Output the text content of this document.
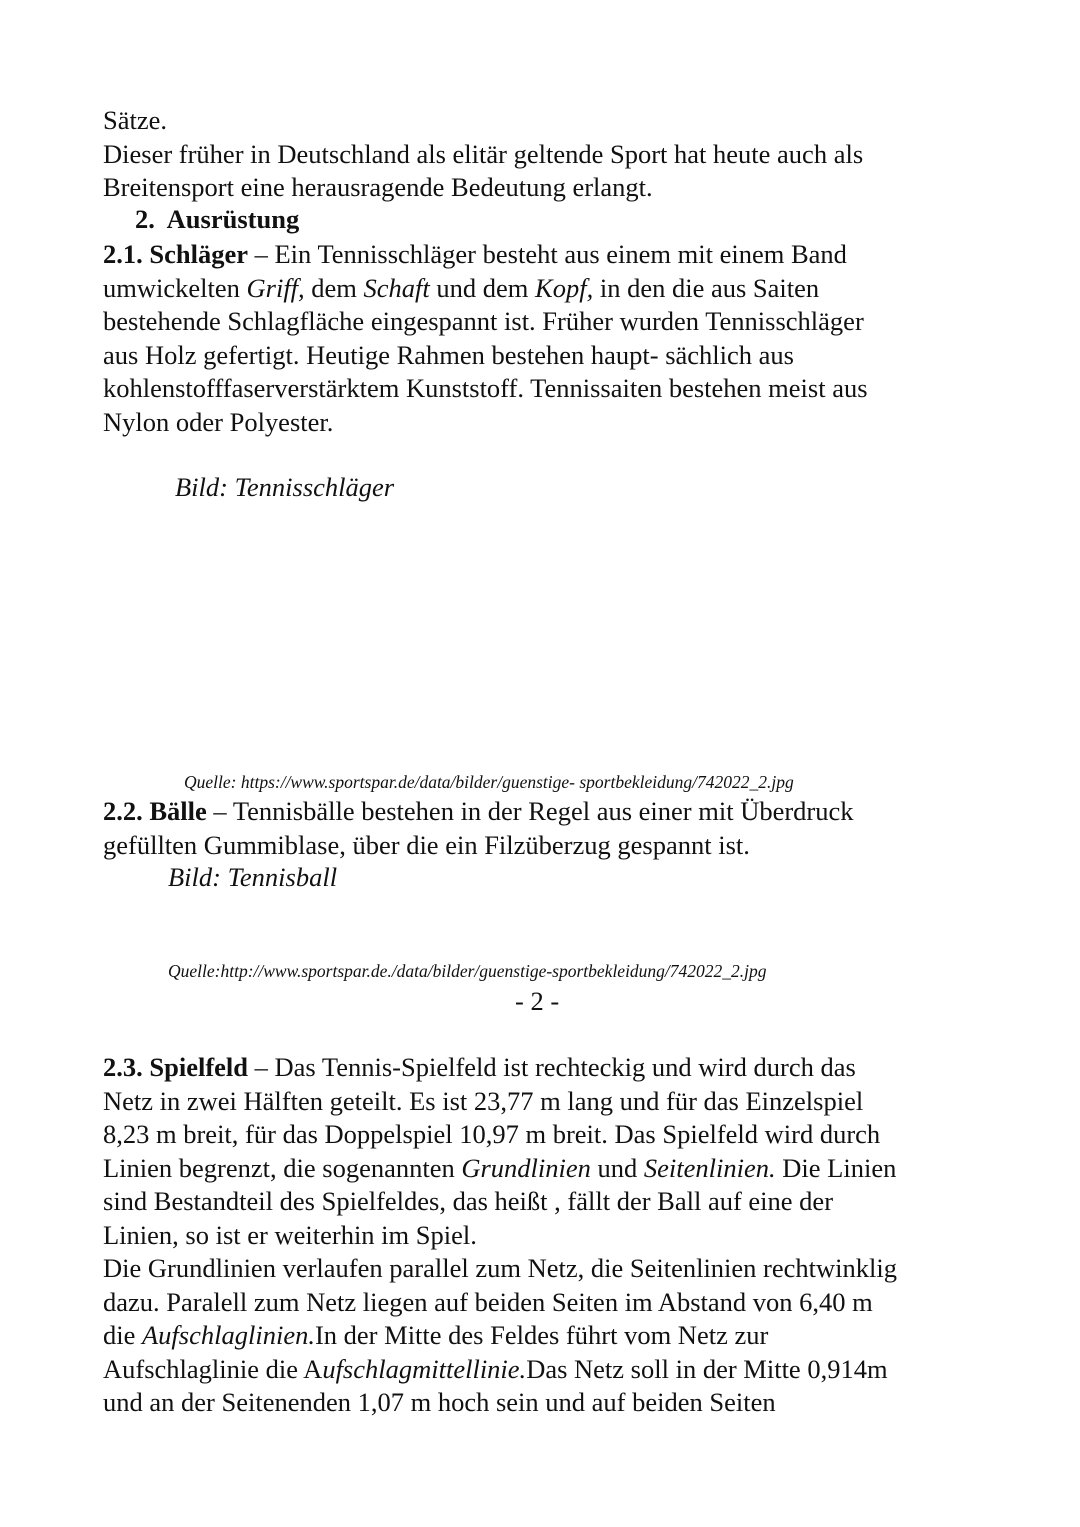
Sätze.
Dieser früher in Deutschland als elitär geltende Sport hat heute auch als
Breitensport eine herausragende Bedeutung erlangt.
2. Ausrüstung
2.1. Schläger – Ein Tennisschläger besteht aus einem mit einem Band
umwickelten Griff, dem Schaft und dem Kopf, in den die aus Saiten
bestehende Schlagfläche eingespannt ist. Früher wurden Tennisschläger
aus Holz gefertigt. Heutige Rahmen bestehen haupt- sächlich aus
kohlenstofffaserverstärktem Kunststoff. Tennissaiten bestehen meist aus
Nylon oder Polyester.
Bild: Tennisschläger
Quelle: https://www.sportspar.de/data/bilder/guenstige- sportbekleidung/742022_2.jpg
2.2. Bälle – Tennisbälle bestehen in der Regel aus einer mit Überdruck
gefüllten Gummiblase, über die ein Filzüberzug gespannt ist.
Bild: Tennisball
Quelle:http://www.sportspar.de./data/bilder/guenstige-sportbekleidung/742022_2.jpg
- 2 -
2.3. Spielfeld – Das Tennis-Spielfeld ist rechteckig und wird durch das
Netz in zwei Hälften geteilt. Es ist 23,77 m lang und für das Einzelspiel
8,23 m breit, für das Doppelspiel 10,97 m breit. Das Spielfeld wird durch
Linien begrenzt, die sogenannten Grundlinien und Seitenlinien. Die Linien
sind Bestandteil des Spielfeldes, das heißt , fällt der Ball auf eine der
Linien, so ist er weiterhin im Spiel.
Die Grundlinien verlaufen parallel zum Netz, die Seitenlinien rechtwinklig
dazu. Paralell zum Netz liegen auf beiden Seiten im Abstand von 6,40 m
die Aufschlaglinien.In der Mitte des Feldes führt vom Netz zur
Aufschlaglinie die Aufschlagmittellinie.Das Netz soll in der Mitte 0,914m
und an der Seitenenden 1,07 m hoch sein und auf beiden Seiten
